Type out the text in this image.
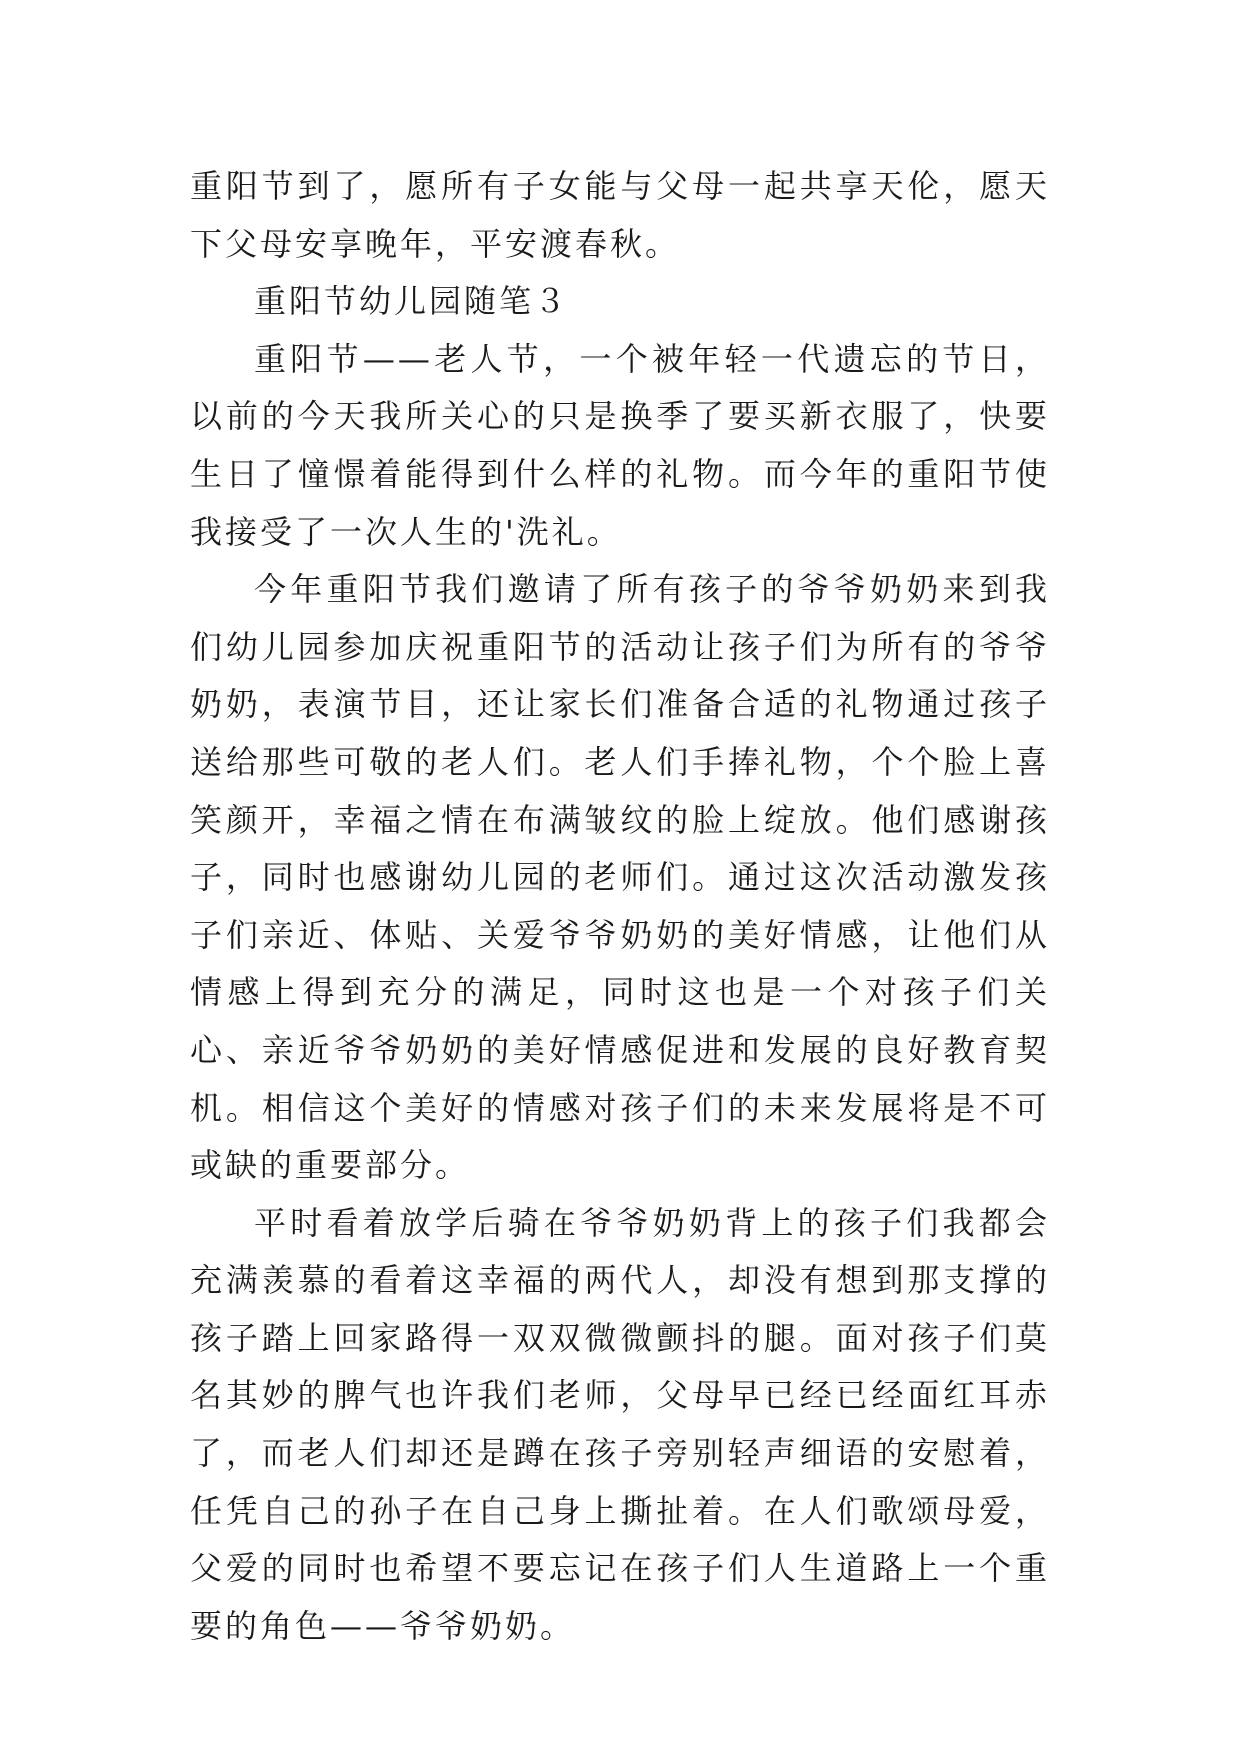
重阳节到了，愿所有子女能与父母一起共享天伦，愿天下父母安享晚年，平安渡春秋。

重阳节幼儿园随笔３

重阳节——老人节，一个被年轻一代遗忘的节日，以前的今天我所关心的只是换季了要买新衣服了，快要生日了憧憬着能得到什么样的礼物。而今年的重阳节使我接受了一次人生的'洗礼。

今年重阳节我们邀请了所有孩子的爷爷奶奶来到我们幼儿园参加庆祝重阳节的活动让孩子们为所有的爷爷奶奶，表演节目，还让家长们准备合适的礼物通过孩子送给那些可敬的老人们。老人们手捧礼物，个个脸上喜笑颜开，幸福之情在布满皱纹的脸上绽放。他们感谢孩子，同时也感谢幼儿园的老师们。通过这次活动激发孩子们亲近、体贴、关爱爷爷奶奶的美好情感，让他们从情感上得到充分的满足，同时这也是一个对孩子们关心、亲近爷爷奶奶的美好情感促进和发展的良好教育契机。相信这个美好的情感对孩子们的未来发展将是不可或缺的重要部分。

平时看着放学后骑在爷爷奶奶背上的孩子们我都会充满羡慕的看着这幸福的两代人，却没有想到那支撑的孩子踏上回家路得一双双微微颤抖的腿。面对孩子们莫名其妙的脾气也许我们老师，父母早已经已经面红耳赤了，而老人们却还是蹲在孩子旁别轻声细语的安慰着，任凭自己的孙子在自己身上撕扯着。在人们歌颂母爱，父爱的同时也希望不要忘记在孩子们人生道路上一个重要的角色——爷爷奶奶。
